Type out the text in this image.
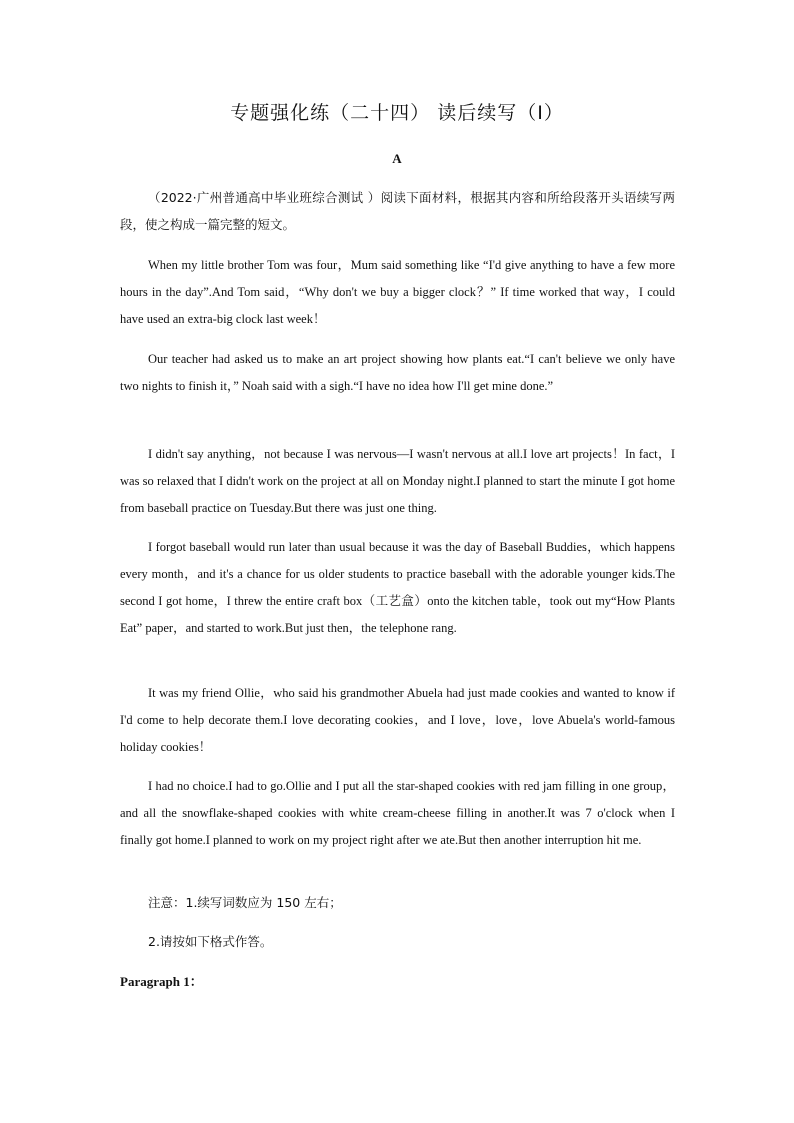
专题强化练（二十四） 读后续写（Ⅰ）
A
（2022·广州普通高中毕业班综合测试 ）阅读下面材料，根据其内容和所给段落开头语续写两段，使之构成一篇完整的短文。
When my little brother Tom was four，Mum said something like “I'd give anything to have a few more hours in the day”.And Tom said，“Why don't we buy a bigger clock？” If time worked that way，I could have used an extra-big clock last week！
Our teacher had asked us to make an art project showing how plants eat.“I can't believe we only have two nights to finish it，” Noah said with a sigh.“I have no idea how I'll get mine done.”
I didn't say anything，not because I was nervous—I wasn't nervous at all.I love art projects！In fact，I was so relaxed that I didn't work on the project at all on Monday night.I planned to start the minute I got home from baseball practice on Tuesday.But there was just one thing.
I forgot baseball would run later than usual because it was the day of Baseball Buddies，which happens every month，and it's a chance for us older students to practice baseball with the adorable younger kids.The second I got home，I threw the entire craft box（工艺盒）onto the kitchen table，took out my“How Plants Eat” paper，and started to work.But just then，the telephone rang.
It was my friend Ollie，who said his grandmother Abuela had just made cookies and wanted to know if I'd come to help decorate them.I love decorating cookies，and I love，love，love Abuela's world-famous holiday cookies！
I had no choice.I had to go.Ollie and I put all the star-shaped cookies with red jam filling in one group，and all the snowflake-shaped cookies with white cream-cheese filling in another.It was 7 o'clock when I finally got home.I planned to work on my project right after we ate.But then another interruption hit me.
注意：1.续写词数应为 150 左右；
2.请按如下格式作答。
Paragraph 1：
